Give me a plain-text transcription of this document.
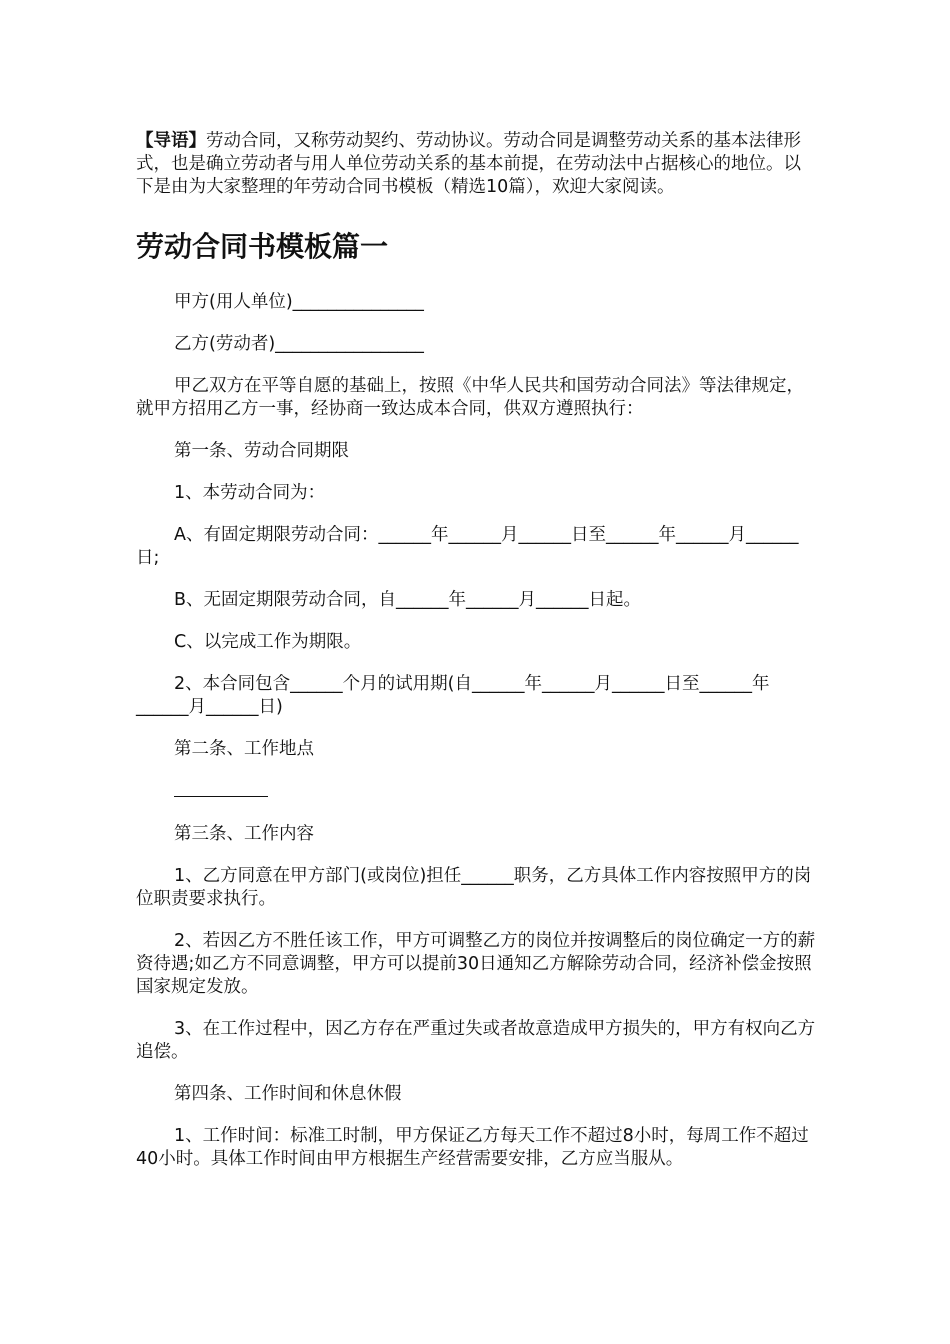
【导语】劳动合同，又称劳动契约、劳动协议。劳动合同是调整劳动关系的基本法律形式，也是确立劳动者与用人单位劳动关系的基本前提，在劳动法中占据核心的地位。以下是由为大家整理的年劳动合同书模板（精选10篇），欢迎大家阅读。

劳动合同书模板篇一

甲方(用人单位)_______________

乙方(劳动者)_________________

甲乙双方在平等自愿的基础上，按照《中华人民共和国劳动合同法》等法律规定，就甲方招用乙方一事，经协商一致达成本合同，供双方遵照执行：

第一条、劳动合同期限

1、本劳动合同为：

A、有固定期限劳动合同：______年______月______日至______年______月______日;

B、无固定期限劳动合同，自______年______月______日起。

C、以完成工作为期限。

2、本合同包含______个月的试用期(自______年______月______日至______年______月______日)

第二条、工作地点

第三条、工作内容

1、乙方同意在甲方部门(或岗位)担任______职务，乙方具体工作内容按照甲方的岗位职责要求执行。

2、若因乙方不胜任该工作，甲方可调整乙方的岗位并按调整后的岗位确定一方的薪资待遇;如乙方不同意调整，甲方可以提前30日通知乙方解除劳动合同，经济补偿金按照国家规定发放。

3、在工作过程中，因乙方存在严重过失或者故意造成甲方损失的，甲方有权向乙方追偿。

第四条、工作时间和休息休假

1、工作时间：标准工时制，甲方保证乙方每天工作不超过8小时，每周工作不超过40小时。具体工作时间由甲方根据生产经营需要安排，乙方应当服从。
